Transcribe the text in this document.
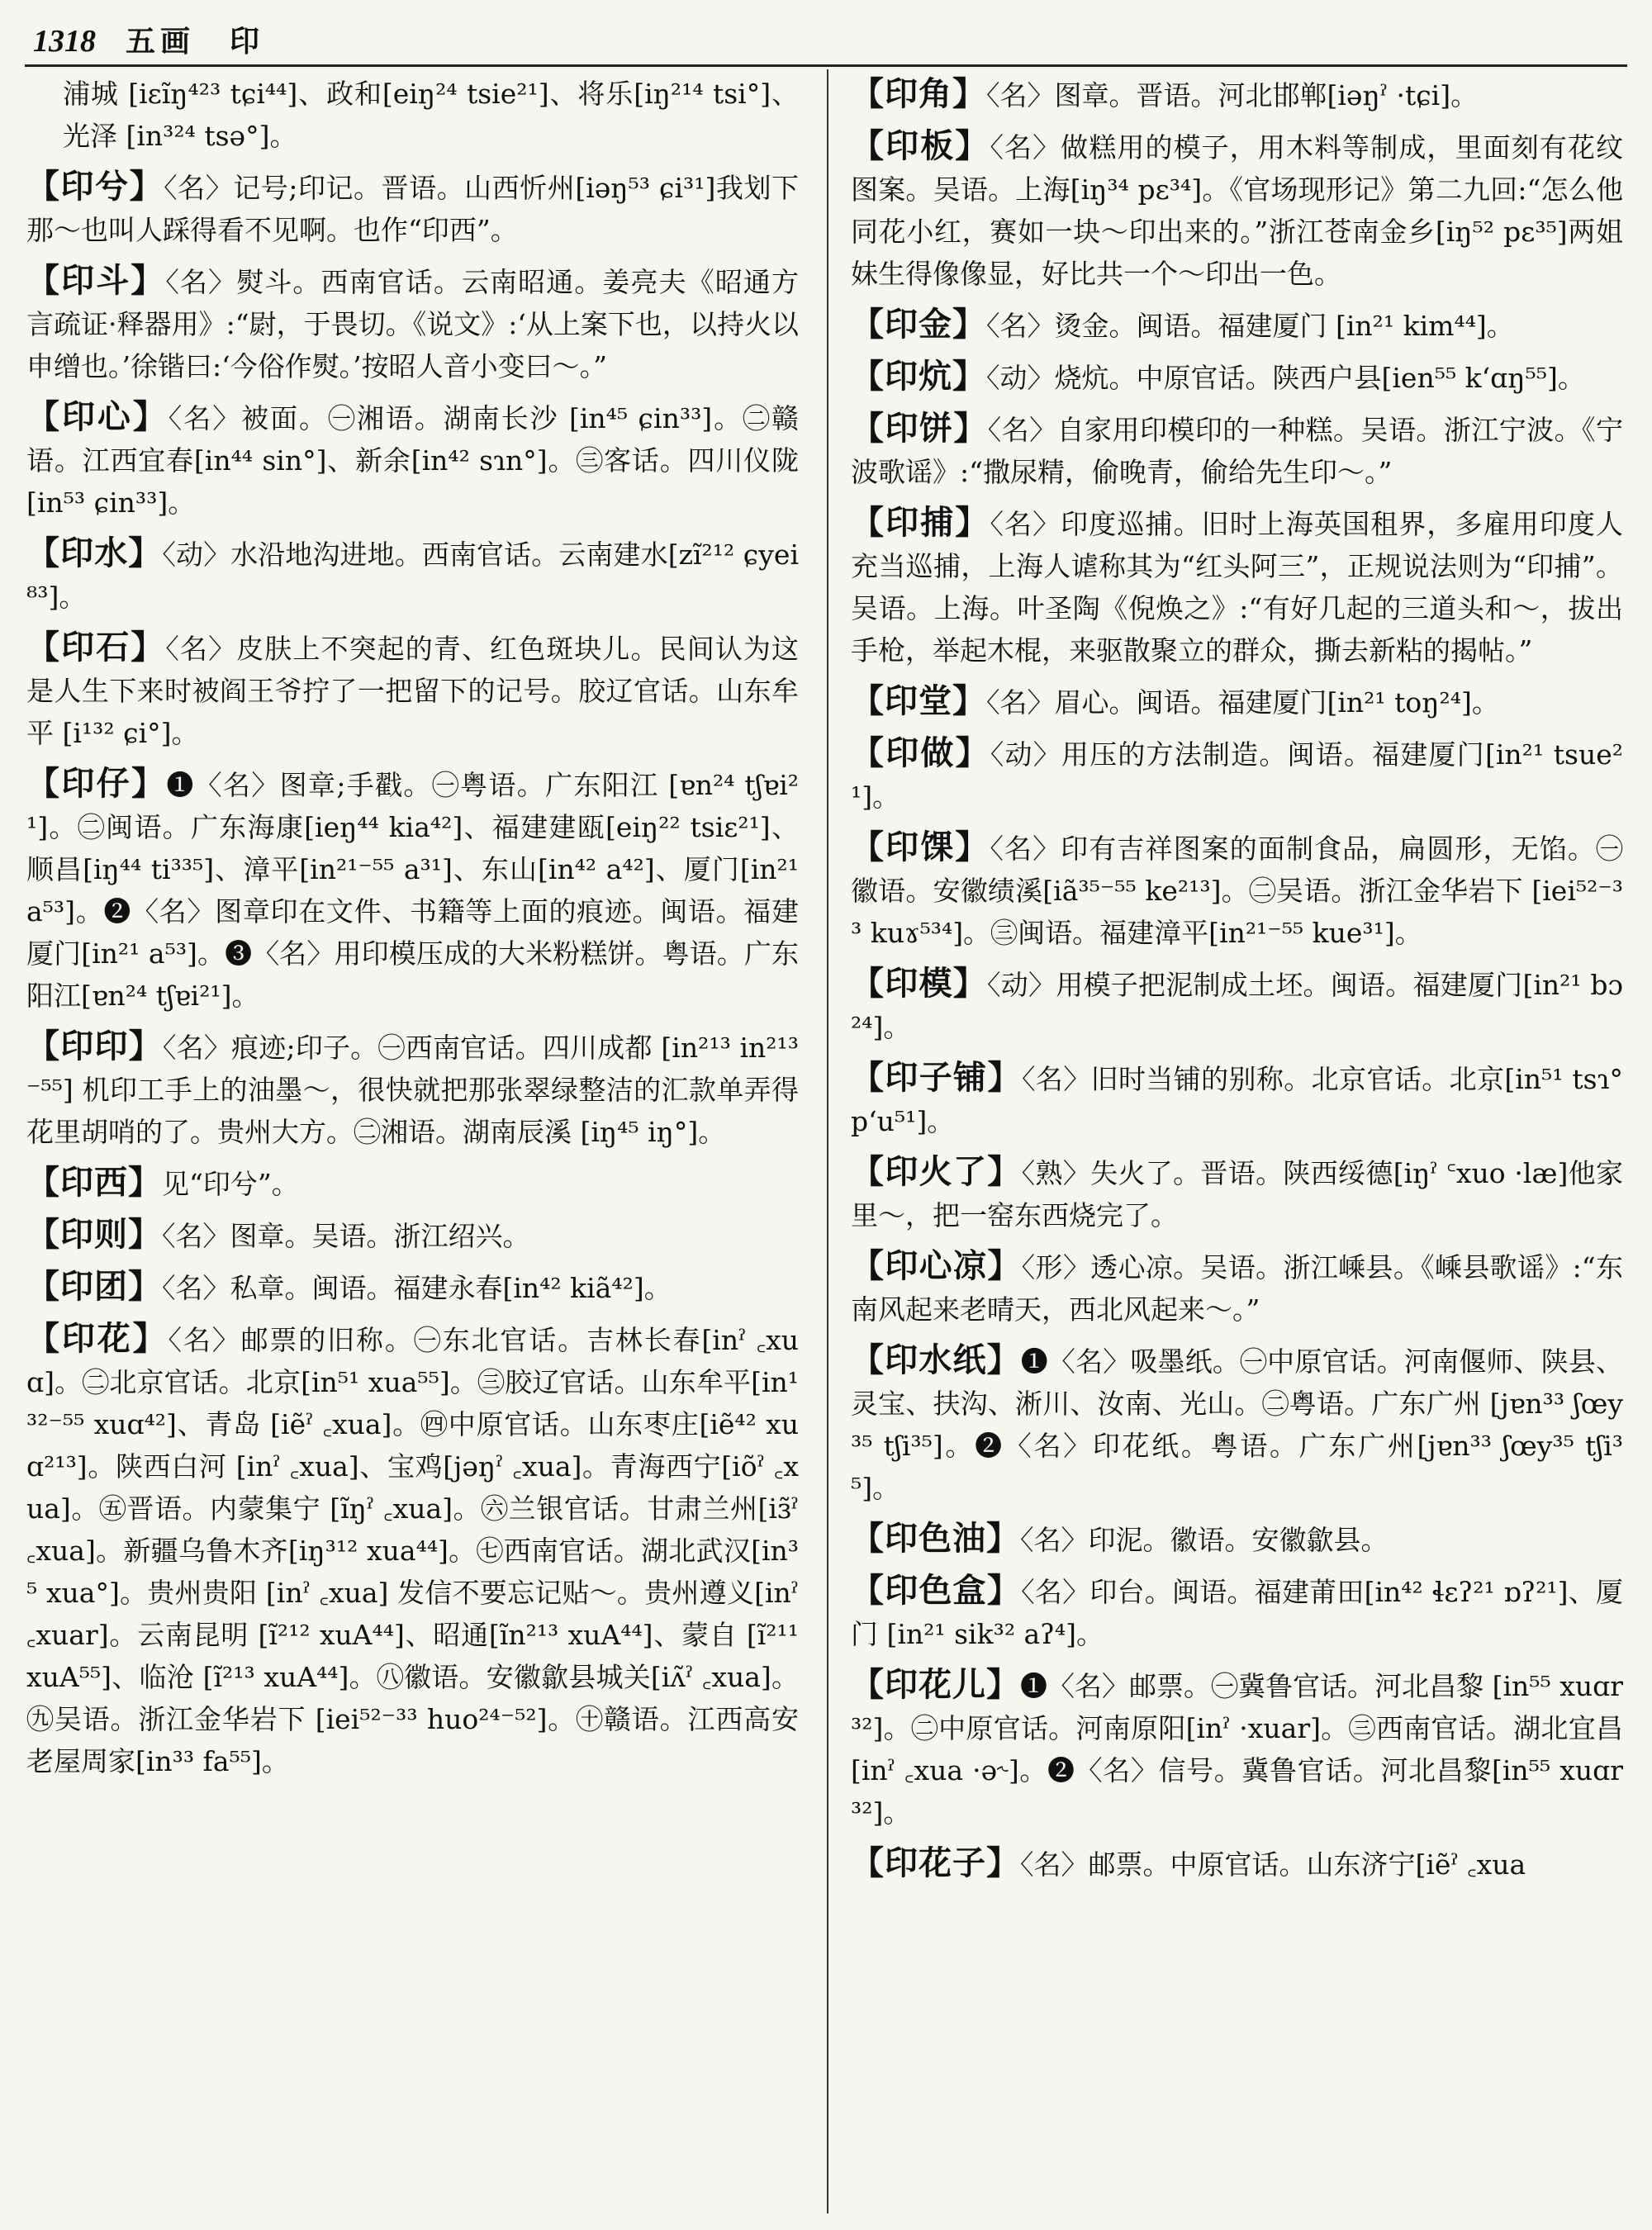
1318 五画　印

浦城 [iɛĩŋ⁴²³ tɕi⁴⁴]、政和[eiŋ²⁴ tsie²¹]、将乐[iŋ²¹⁴ tsi°]、光泽 [in³²⁴ tsə°]。

【印兮】〈名〉记号;印记。晋语。山西忻州[iəŋ⁵³ ɕi³¹]我划下那～也叫人踩得看不见啊。也作“印西”。

【印斗】〈名〉熨斗。西南官话。云南昭通。姜亮夫《昭通方言疏证·释器用》:“㷉，于畏切。《说文》:‘从上案下也，以持火以申缯也。’徐锴曰:‘今俗作熨。’按昭人音小变曰～。”

【印心】〈名〉被面。㊀湘语。湖南长沙 [in⁴⁵ ɕin³³]。㊁赣语。江西宜春[in⁴⁴ sin°]、新余[in⁴² sɿn°]。㊂客话。四川仪陇 [in⁵³ ɕin³³]。

【印水】〈动〉水沿地沟进地。西南官话。云南建水[zĩ²¹² ɕyei⁸³]。

【印石】〈名〉皮肤上不突起的青、红色斑块儿。民间认为这是人生下来时被阎王爷拧了一把留下的记号。胶辽官话。山东牟平 [i¹³² ɕi°]。

【印仔】❶〈名〉图章;手戳。㊀粤语。广东阳江 [ɐn²⁴ tʃɐi²¹]。㊁闽语。广东海康[ieŋ⁴⁴ kia⁴²]、福建建瓯[eiŋ²² tsiɛ²¹]、顺昌[iŋ⁴⁴ ti³³⁵]、漳平[in²¹⁻⁵⁵ a³¹]、东山[in⁴² a⁴²]、厦门[in²¹ a⁵³]。❷〈名〉图章印在文件、书籍等上面的痕迹。闽语。福建厦门[in²¹ a⁵³]。❸〈名〉用印模压成的大米粉糕饼。粤语。广东阳江[ɐn²⁴ tʃɐi²¹]。

【印印】〈名〉痕迹;印子。㊀西南官话。四川成都 [in²¹³ in²¹³⁻⁵⁵] 机印工手上的油墨～，很快就把那张翠绿整洁的汇款单弄得花里胡哨的了。贵州大方。㊁湘语。湖南辰溪 [iŋ⁴⁵ iŋ°]。

【印西】见“印兮”。

【印则】〈名〉图章。吴语。浙江绍兴。

【印团】〈名〉私章。闽语。福建永春[in⁴² kiã⁴²]。

【印花】〈名〉邮票的旧称。㊀东北官话。吉林长春[inˀ ꜀xuɑ]。㊁北京官话。北京[in⁵¹ xua⁵⁵]。㊂胶辽官话。山东牟平[in¹³²⁻⁵⁵ xuɑ⁴²]、青岛 [iẽˀ ꜀xua]。㊃中原官话。山东枣庄[iẽ⁴² xuɑ²¹³]。陕西白河 [inˀ ꜀xua]、宝鸡[jəŋˀ ꜀xua]。青海西宁[iõˀ ꜀xua]。㊄晋语。内蒙集宁 [ĩŋˀ ꜀xua]。㊅兰银官话。甘肃兰州[iɜ̃ˀ ꜀xua]。新疆乌鲁木齐[iŋ³¹² xua⁴⁴]。㊆西南官话。湖北武汉[in³⁵ xua°]。贵州贵阳 [inˀ ꜀xua] 发信不要忘记贴～。贵州遵义[inˀ ꜀xuar]。云南昆明 [ĩ²¹² xuA⁴⁴]、昭通[ĩn²¹³ xuA⁴⁴]、蒙自 [ĩ²¹¹ xuA⁵⁵]、临沧 [ĩ²¹³ xuA⁴⁴]。㊇徽语。安徽歙县城关[iʌ̃ˀ ꜀xua]。㊈吴语。浙江金华岩下 [iei⁵²⁻³³ huo²⁴⁻⁵²]。㊉赣语。江西高安老屋周家[in³³ fa⁵⁵]。

【印角】〈名〉图章。晋语。河北邯郸[iəŋˀ ·tɕi]。

【印板】〈名〉做糕用的模子，用木料等制成，里面刻有花纹图案。吴语。上海[iŋ³⁴ pɛ³⁴]。《官场现形记》第二九回:“怎么他同花小红，赛如一块～印出来的。”浙江苍南金乡[iŋ⁵² pɛ³⁵]两姐妹生得像像显，好比共一个～印出一色。

【印金】〈名〉烫金。闽语。福建厦门 [in²¹ kim⁴⁴]。

【印炕】〈动〉烧炕。中原官话。陕西户县[ien⁵⁵ kʻɑŋ⁵⁵]。

【印饼】〈名〉自家用印模印的一种糕。吴语。浙江宁波。《宁波歌谣》:“撒尿精，偷晚青，偷给先生印～。”

【印捕】〈名〉印度巡捕。旧时上海英国租界，多雇用印度人充当巡捕，上海人谑称其为“红头阿三”，正规说法则为“印捕”。吴语。上海。叶圣陶《倪焕之》:“有好几起的三道头和～，拔出手枪，举起木棍，来驱散聚立的群众，撕去新粘的揭帖。”

【印堂】〈名〉眉心。闽语。福建厦门[in²¹ toŋ²⁴]。

【印做】〈动〉用压的方法制造。闽语。福建厦门[in²¹ tsue²¹]。

【印馃】〈名〉印有吉祥图案的面制食品，扁圆形，无馅。㊀徽语。安徽绩溪[iã³⁵⁻⁵⁵ ke²¹³]。㊁吴语。浙江金华岩下 [iei⁵²⁻³³ kuɤ⁵³⁴]。㊂闽语。福建漳平[in²¹⁻⁵⁵ kue³¹]。

【印模】〈动〉用模子把泥制成土坯。闽语。福建厦门[in²¹ bɔ²⁴]。

【印子铺】〈名〉旧时当铺的别称。北京官话。北京[in⁵¹ tsɿ° pʻu⁵¹]。

【印火了】〈熟〉失火了。晋语。陕西绥德[iŋˀ ꜂xuo ·læ]他家里～，把一窑东西烧完了。

【印心凉】〈形〉透心凉。吴语。浙江嵊县。《嵊县歌谣》:“东南风起来老晴天，西北风起来～。”

【印水纸】❶〈名〉吸墨纸。㊀中原官话。河南偃师、陕县、灵宝、扶沟、淅川、汝南、光山。㊁粤语。广东广州 [jɐn³³ ʃœy³⁵ tʃi³⁵]。❷〈名〉印花纸。粤语。广东广州[jɐn³³ ʃœy³⁵ tʃi³⁵]。

【印色油】〈名〉印泥。徽语。安徽歙县。

【印色盒】〈名〉印台。闽语。福建莆田[in⁴² ɬɛʔ²¹ ɒʔ²¹]、厦门 [in²¹ sik³² aʔ⁴]。

【印花儿】❶〈名〉邮票。㊀冀鲁官话。河北昌黎 [in⁵⁵ xuɑr³²]。㊁中原官话。河南原阳[inˀ ·xuar]。㊂西南官话。湖北宜昌[inˀ ꜀xua ·ə˞]。❷〈名〉信号。冀鲁官话。河北昌黎[in⁵⁵ xuɑr³²]。

【印花子】〈名〉邮票。中原官话。山东济宁[iẽˀ ꜀xua
